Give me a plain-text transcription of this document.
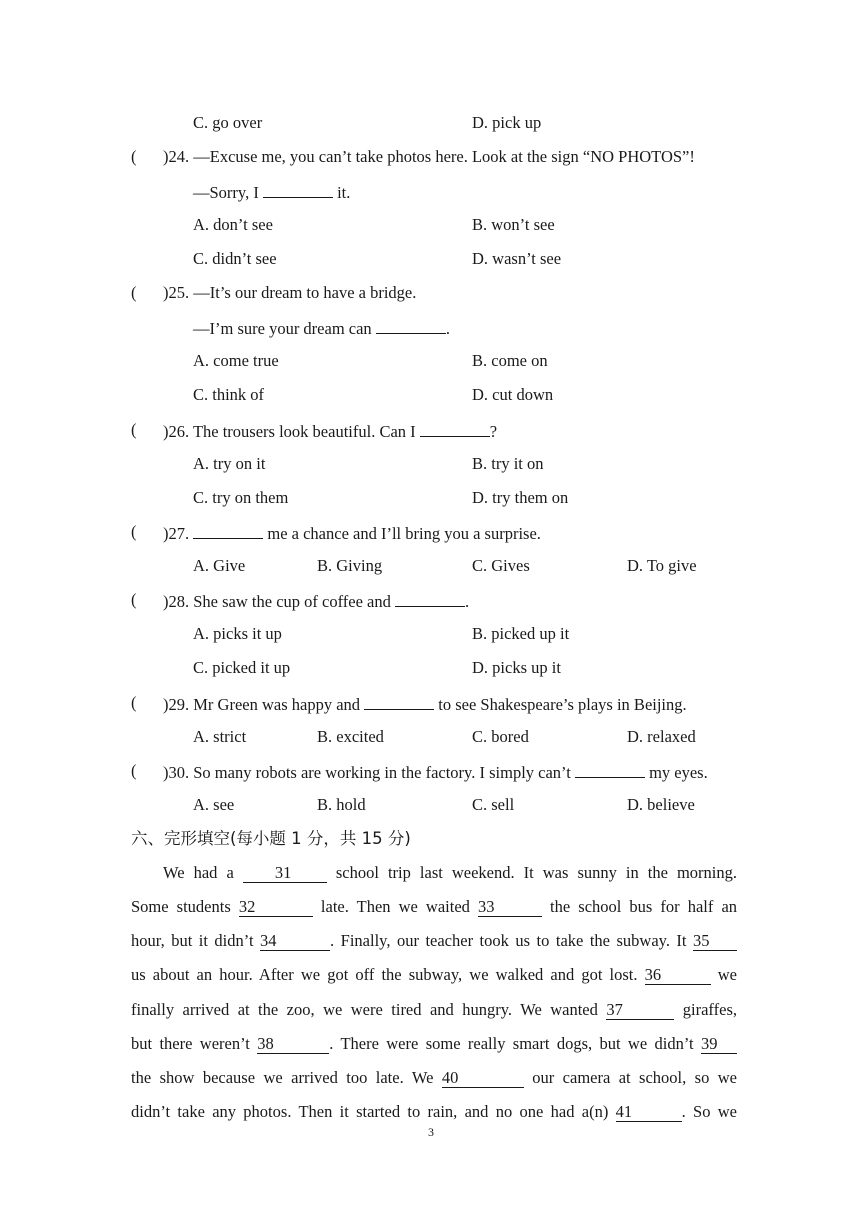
C. go over	D. pick up
( )24. —Excuse me, you can’t take photos here. Look at the sign “NO PHOTOS”!
—Sorry, I	it.
A. don’t see	B. won’t see
C. didn’t see	D. wasn’t see
( )25. —It’s our dream to have a bridge.
—I’m sure your dream can	.
A. come true	B. come on
C. think of	D. cut down
( )26. The trousers look beautiful. Can I	?
A. try on it	B. try it on
C. try on them	D. try them on
( )27.	me a chance and I’ll bring you a surprise.
A. Give	B. Giving	C. Gives	D. To give
( )28. She saw the cup of coffee and	.
A. picks it up	B. picked up it
C. picked it up	D. picks up it
( )29. Mr Green was happy and	to see Shakespeare’s plays in Beijing.
A. strict	B. excited	C. bored	D. relaxed
( )30. So many robots are working in the factory. I simply can’t	my eyes.
A. see	B. hold	C. sell	D. believe
六、完形填空(每小题 1 分，共 15 分)
We had a 31	school trip last weekend. It was sunny in the morning.
Some students 32	late. Then we waited 33	the school bus for half an
hour, but it didn’t 34	. Finally, our teacher took us to take the subway. It 35
us about an hour. After we got off the subway, we walked and got lost. 36	we
finally arrived at the zoo, we were tired and hungry. We wanted 37	giraffes,
but there weren’t 38	. There were some really smart dogs, but we didn’t 39
the show because we arrived too late. We 40	our camera at school, so we
didn’t take any photos. Then it started to rain, and no one had a(n) 41	. So we
3
